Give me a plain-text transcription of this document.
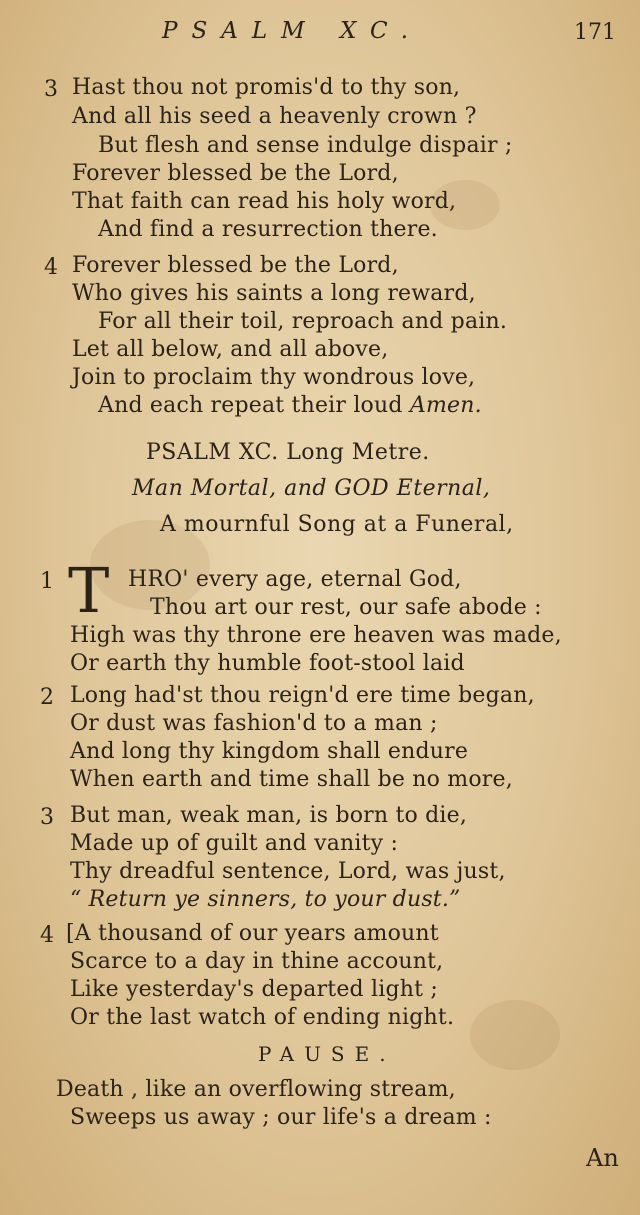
PSALM XC.	171
3 Hast thou not promis'd to thy son,
And all his seed a heavenly crown ?
But flesh and sense indulge dispair ;
Forever blessed be the Lord,
That faith can read his holy word,
And find a resurrection there.
4 Forever blessed be the Lord,
Who gives his saints a long reward,
For all their toil, reproach and pain.
Let all below, and all above,
Join to proclaim thy wondrous love,
And each repeat their loud Amen.
PSALM XC. Long Metre.
Man Mortal, and GOD Eternal,
A mournful Song at a Funeral,
1 T HRO' every age, eternal God,
Thou art our rest, our safe abode :
High was thy throne ere heaven was made,
Or earth thy humble foot-stool laid
2 Long had'st thou reign'd ere time began,
Or dust was fashion'd to a man ;
And long thy kingdom shall endure
When earth and time shall be no more,
3 But man, weak man, is born to die,
Made up of guilt and vanity :
Thy dreadful sentence, Lord, was just,
“ Return ye sinners, to your dust.”
4 [A thousand of our years amount
Scarce to a day in thine account,
Like yesterday's departed light ;
Or the last watch of ending night.
PAUSE.
Death , like an overflowing stream,
Sweeps us away ; our life's a dream :
An
